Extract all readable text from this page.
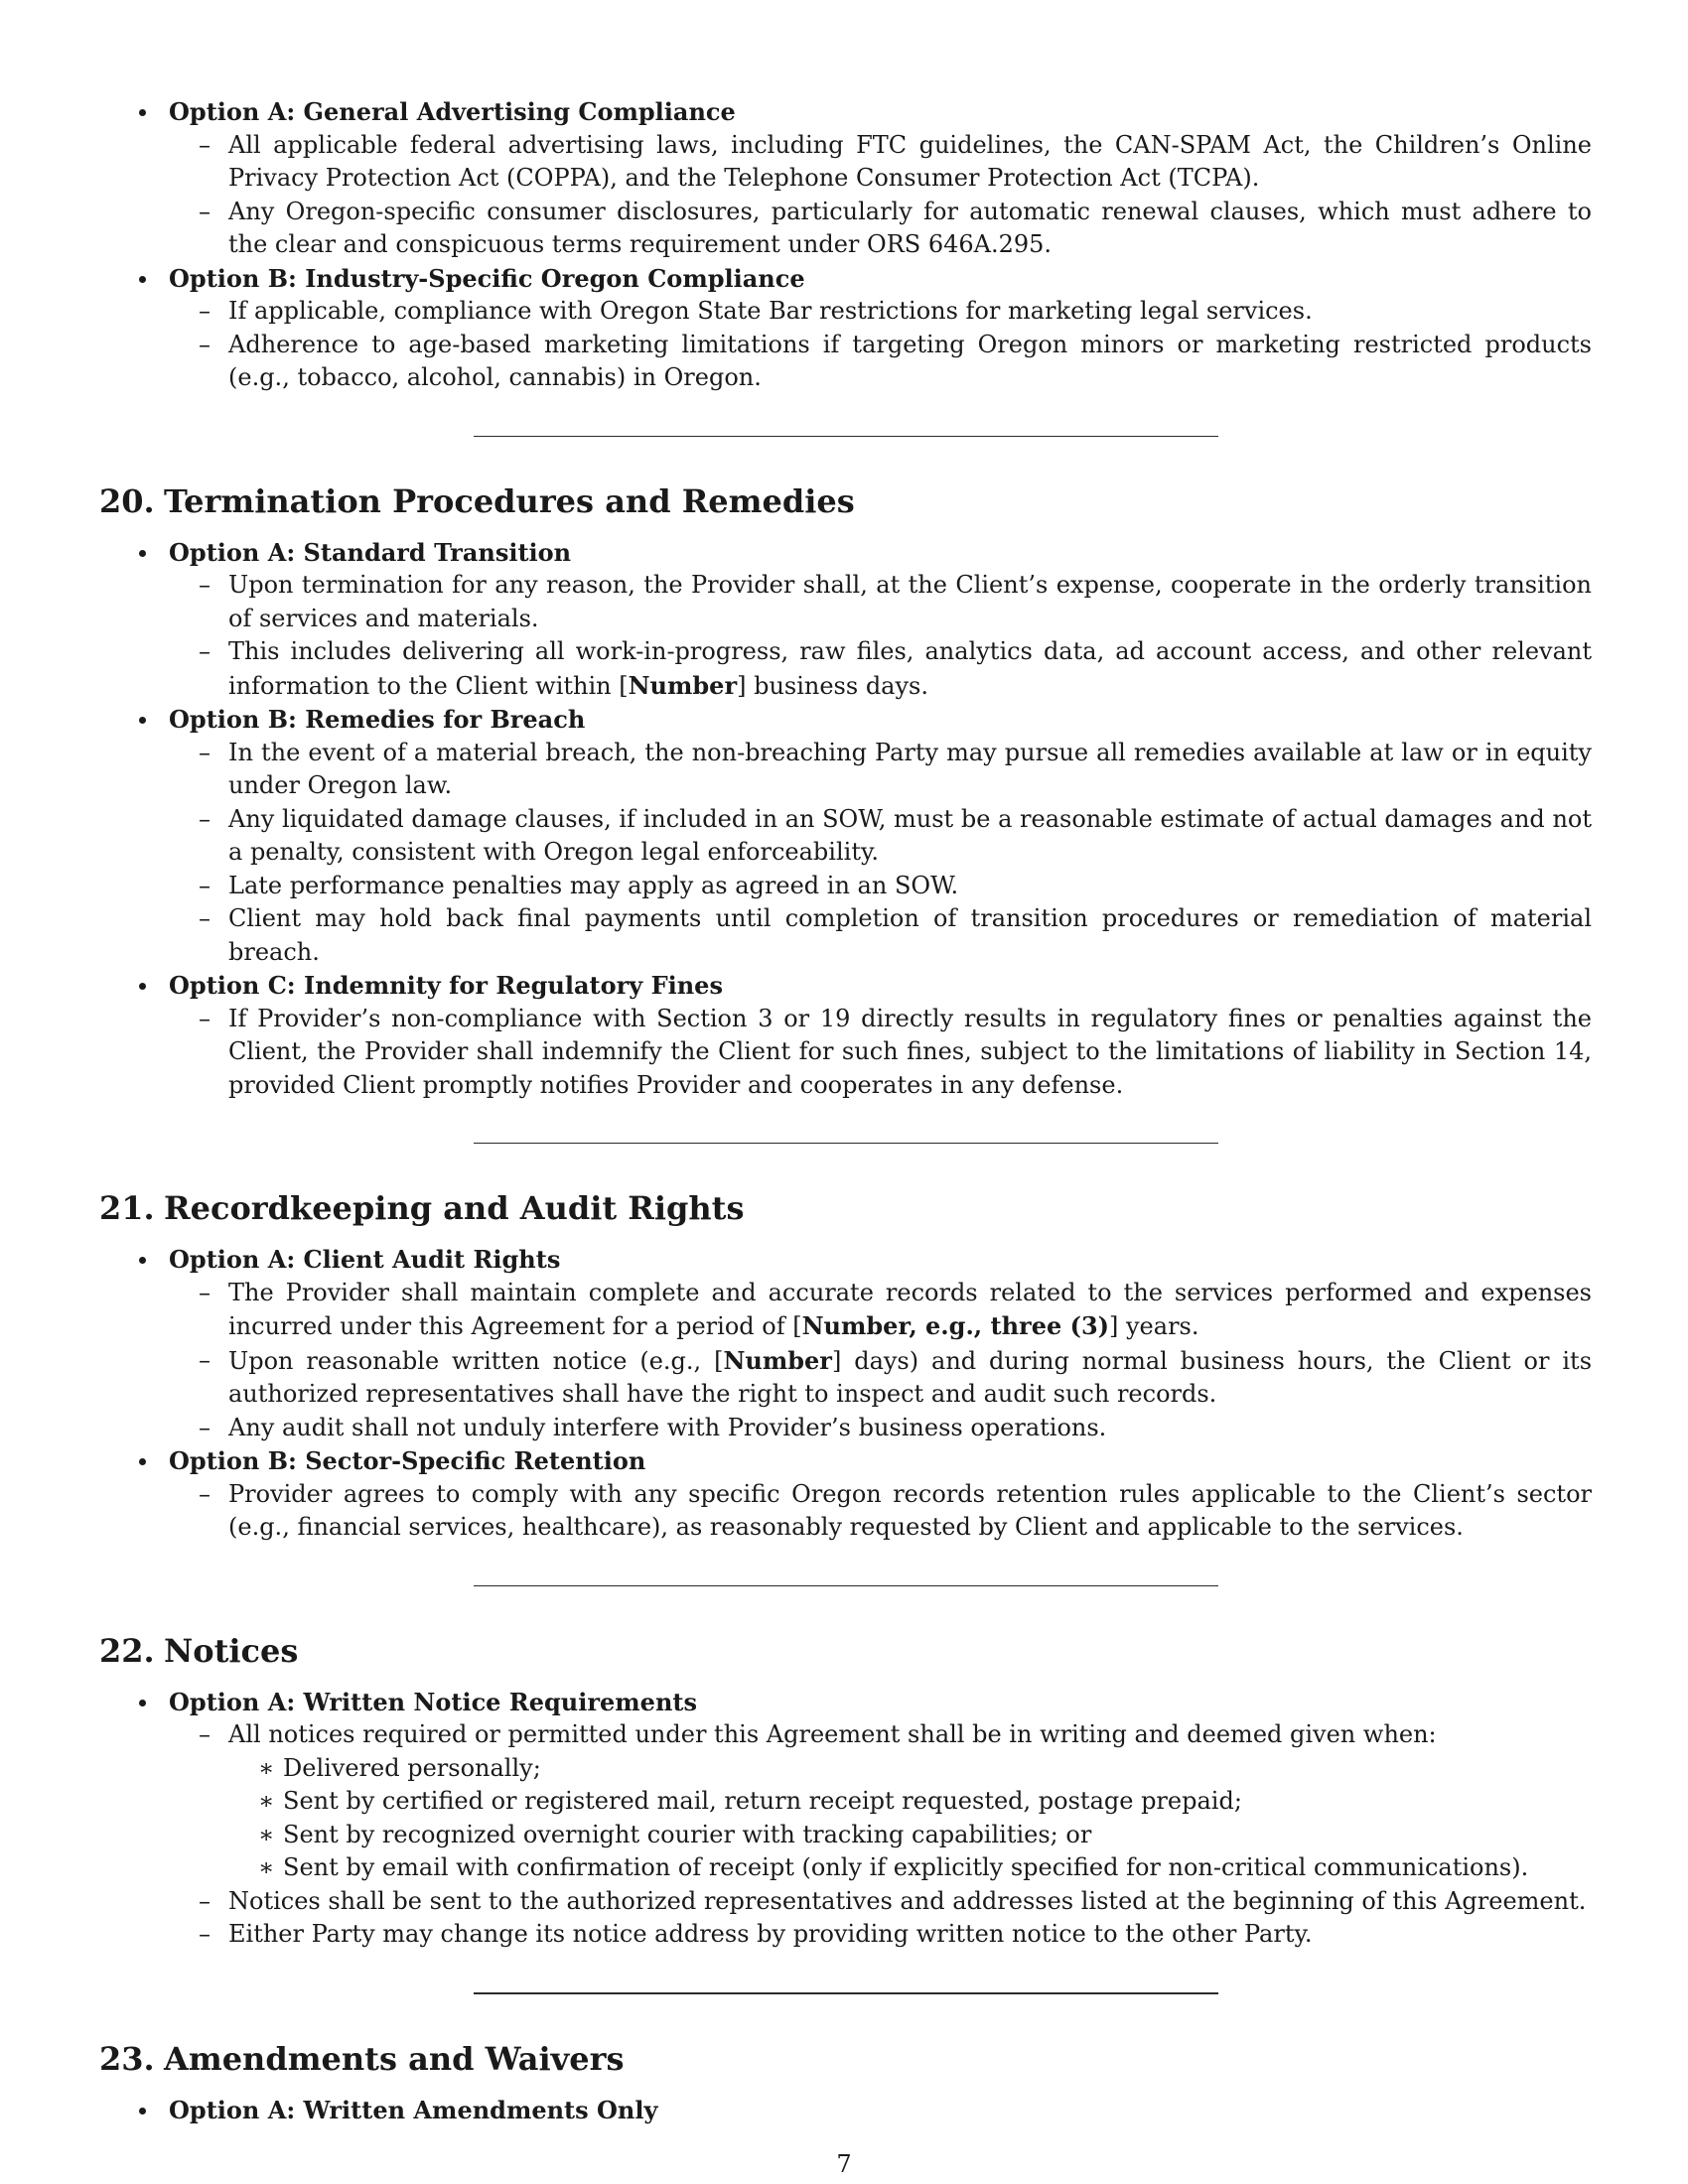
Option A: General Advertising Compliance
– All applicable federal advertising laws, including FTC guidelines, the CAN-SPAM Act, the Children’s Online Privacy Protection Act (COPPA), and the Telephone Consumer Protection Act (TCPA).
– Any Oregon-specific consumer disclosures, particularly for automatic renewal clauses, which must adhere to the clear and conspicuous terms requirement under ORS 646A.295.
Option B: Industry-Specific Oregon Compliance
– If applicable, compliance with Oregon State Bar restrictions for marketing legal services.
– Adherence to age-based marketing limitations if targeting Oregon minors or marketing restricted products (e.g., tobacco, alcohol, cannabis) in Oregon.
20. Termination Procedures and Remedies
Option A: Standard Transition
– Upon termination for any reason, the Provider shall, at the Client’s expense, cooperate in the orderly transition of services and materials.
– This includes delivering all work-in-progress, raw files, analytics data, ad account access, and other relevant information to the Client within [Number] business days.
Option B: Remedies for Breach
– In the event of a material breach, the non-breaching Party may pursue all remedies available at law or in equity under Oregon law.
– Any liquidated damage clauses, if included in an SOW, must be a reasonable estimate of actual damages and not a penalty, consistent with Oregon legal enforceability.
– Late performance penalties may apply as agreed in an SOW.
– Client may hold back final payments until completion of transition procedures or remediation of material breach.
Option C: Indemnity for Regulatory Fines
– If Provider’s non-compliance with Section 3 or 19 directly results in regulatory fines or penalties against the Client, the Provider shall indemnify the Client for such fines, subject to the limitations of liability in Section 14, provided Client promptly notifies Provider and cooperates in any defense.
21. Recordkeeping and Audit Rights
Option A: Client Audit Rights
– The Provider shall maintain complete and accurate records related to the services performed and expenses incurred under this Agreement for a period of [Number, e.g., three (3)] years.
– Upon reasonable written notice (e.g., [Number] days) and during normal business hours, the Client or its authorized representatives shall have the right to inspect and audit such records.
– Any audit shall not unduly interfere with Provider’s business operations.
Option B: Sector-Specific Retention
– Provider agrees to comply with any specific Oregon records retention rules applicable to the Client’s sector (e.g., financial services, healthcare), as reasonably requested by Client and applicable to the services.
22. Notices
Option A: Written Notice Requirements
– All notices required or permitted under this Agreement shall be in writing and deemed given when:
∗ Delivered personally;
∗ Sent by certified or registered mail, return receipt requested, postage prepaid;
∗ Sent by recognized overnight courier with tracking capabilities; or
∗ Sent by email with confirmation of receipt (only if explicitly specified for non-critical communications).
– Notices shall be sent to the authorized representatives and addresses listed at the beginning of this Agreement.
– Either Party may change its notice address by providing written notice to the other Party.
23. Amendments and Waivers
Option A: Written Amendments Only
7
